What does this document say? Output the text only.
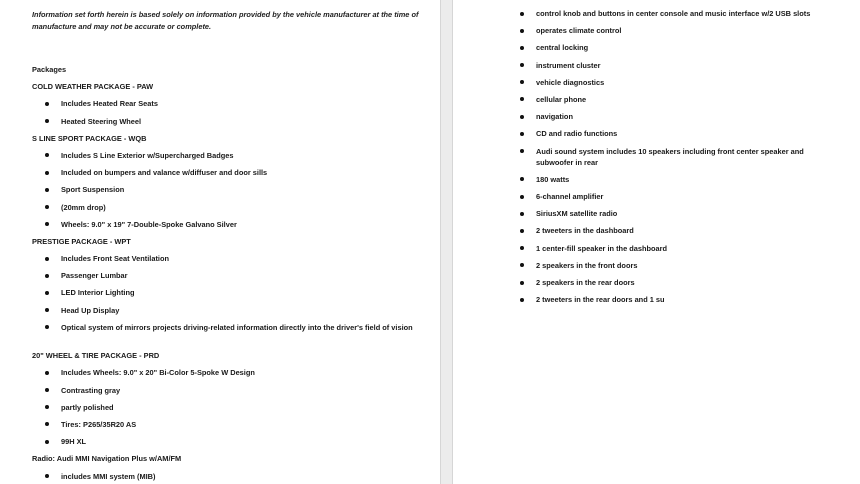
Information set forth herein is based solely on information provided by the vehicle manufacturer at the time of manufacture and may not be accurate or complete.
Packages
COLD WEATHER PACKAGE - PAW
Includes Heated Rear Seats
Heated Steering Wheel
S LINE SPORT PACKAGE - WQB
Includes S Line Exterior w/Supercharged Badges
Included on bumpers and valance w/diffuser and door sills
Sport Suspension
(20mm drop)
Wheels: 9.0" x 19" 7-Double-Spoke Galvano Silver
PRESTIGE PACKAGE - WPT
Includes Front Seat Ventilation
Passenger Lumbar
LED Interior Lighting
Head Up Display
Optical system of mirrors projects driving-related information directly into the driver's field of vision
20" WHEEL & TIRE PACKAGE - PRD
Includes Wheels: 9.0" x 20" Bi-Color 5-Spoke W Design
Contrasting gray
partly polished
Tires: P265/35R20 AS
99H XL
Radio: Audi MMI Navigation Plus w/AM/FM
includes MMI system (MIB)
control knob and buttons in center console and music interface w/2 USB slots
operates climate control
central locking
instrument cluster
vehicle diagnostics
cellular phone
navigation
CD and radio functions
Audi sound system includes 10 speakers including front center speaker and subwoofer in rear
180 watts
6-channel amplifier
SiriusXM satellite radio
2 tweeters in the dashboard
1 center-fill speaker in the dashboard
2 speakers in the front doors
2 speakers in the rear doors
2 tweeters in the rear doors and 1 su
